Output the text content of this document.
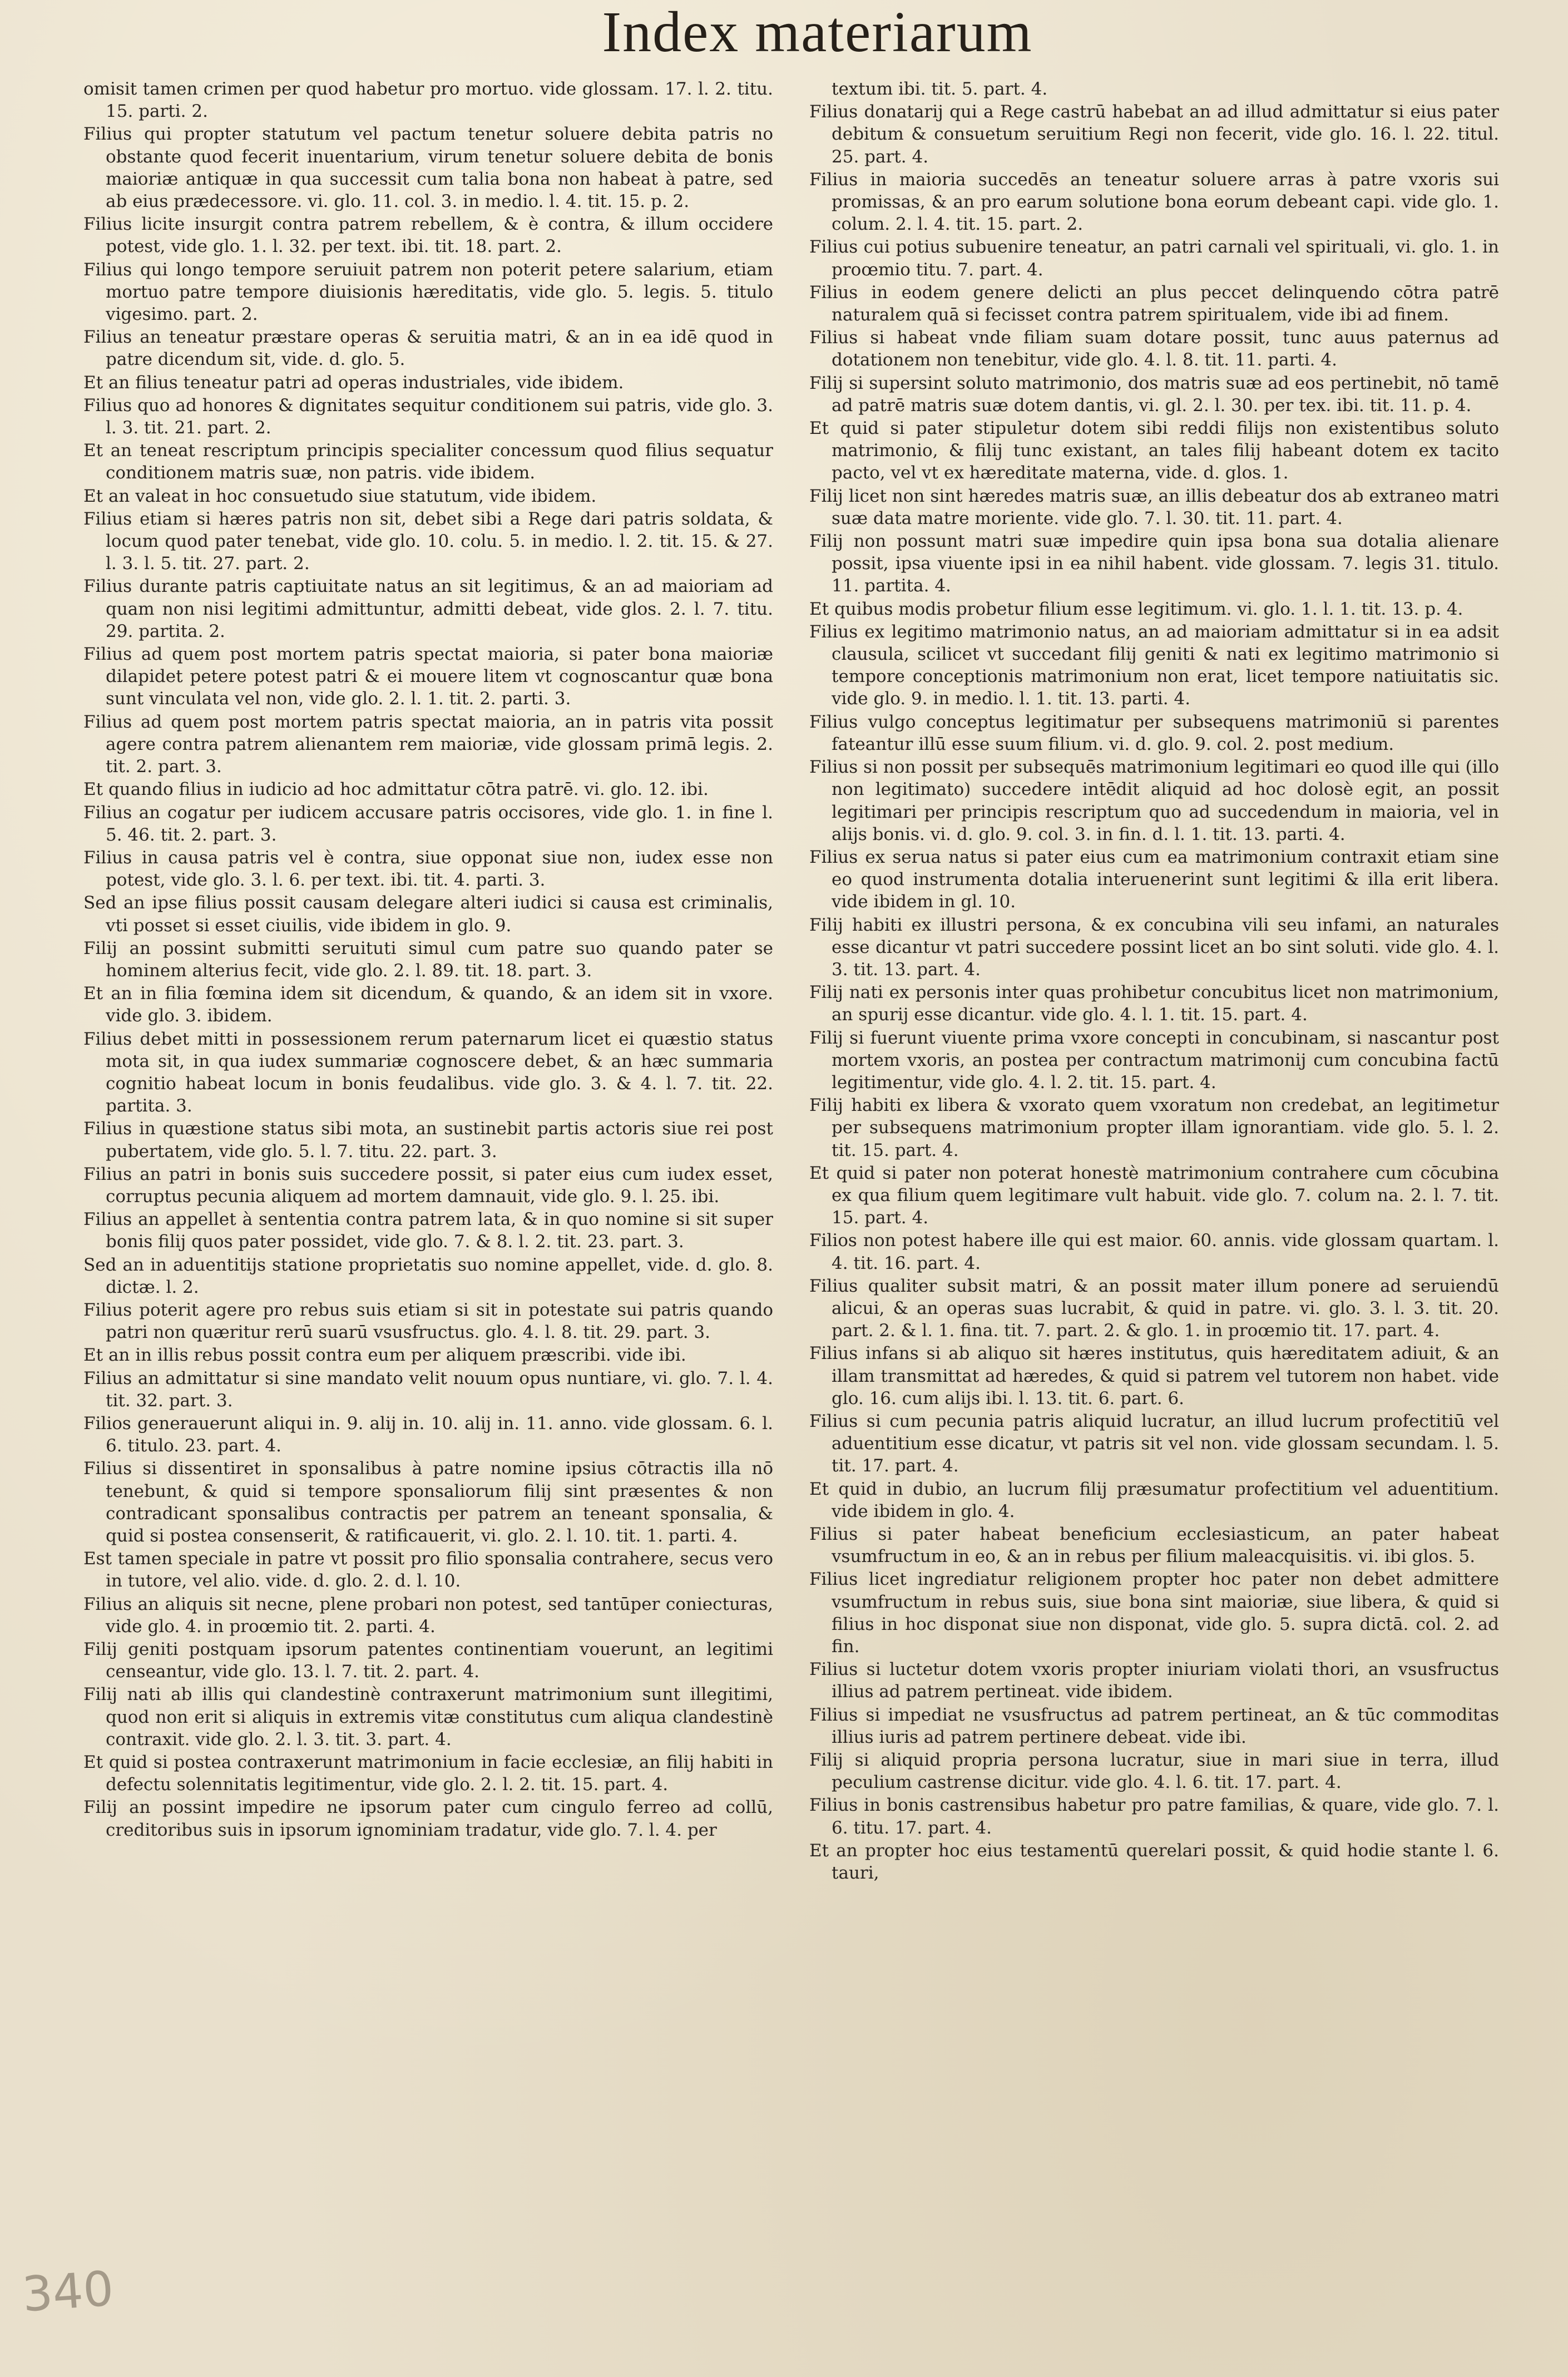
Index materiarum

omisit tamen crimen per quod habetur pro mortuo. vide glossam. 17. l. 2. titu. 15. parti. 2.

Filius qui propter statutum vel pactum tenetur soluere debita patris no obstante quod fecerit inuentarium, virum tenetur soluere debita de bonis maioriæ antiquæ in qua successit cum talia bona non habeat à patre, sed ab eius prædecessore. vi. glo. 11. col. 3. in medio. l. 4. tit. 15. p. 2.

Filius licite insurgit contra patrem rebellem, & è contra, & illum occidere potest, vide glo. 1. l. 32. per text. ibi. tit. 18. part. 2.

Filius qui longo tempore seruiuit patrem non poterit petere salarium, etiam mortuo patre tempore diuisionis hæreditatis, vide glo. 5. legis. 5. titulo vigesimo. part. 2.

Filius an teneatur præstare operas & seruitia matri, & an in ea idē quod in patre dicendum sit, vide. d. glo. 5.

Et an filius teneatur patri ad operas industriales, vide ibidem.

Filius quo ad honores & dignitates sequitur conditionem sui patris, vide glo. 3. l. 3. tit. 21. part. 2.

Et an teneat rescriptum principis specialiter concessum quod filius sequatur conditionem matris suæ, non patris. vide ibidem.

Et an valeat in hoc consuetudo siue statutum, vide ibidem.

Filius etiam si hæres patris non sit, debet sibi a Rege dari patris soldata, & locum quod pater tenebat, vide glo. 10. colu. 5. in medio. l. 2. tit. 15. & 27. l. 3. l. 5. tit. 27. part. 2.

Filius durante patris captiuitate natus an sit legitimus, & an ad maioriam ad quam non nisi legitimi admittuntur, admitti debeat, vide glos. 2. l. 7. titu. 29. partita. 2.

Filius ad quem post mortem patris spectat maioria, si pater bona maioriæ dilapidet petere potest patri & ei mouere litem vt cognoscantur quæ bona sunt vinculata vel non, vide glo. 2. l. 1. tit. 2. parti. 3.

Filius ad quem post mortem patris spectat maioria, an in patris vita possit agere contra patrem alienantem rem maioriæ, vide glossam primā legis. 2. tit. 2. part. 3.

Et quando filius in iudicio ad hoc admittatur cōtra patrē. vi. glo. 12. ibi.

Filius an cogatur per iudicem accusare patris occisores, vide glo. 1. in fine l. 5. 46. tit. 2. part. 3.

Filius in causa patris vel è contra, siue opponat siue non, iudex esse non potest, vide glo. 3. l. 6. per text. ibi. tit. 4. parti. 3.

Sed an ipse filius possit causam delegare alteri iudici si causa est criminalis, vti posset si esset ciuilis, vide ibidem in glo. 9.

Filij an possint submitti seruituti simul cum patre suo quando pater se hominem alterius fecit, vide glo. 2. l. 89. tit. 18. part. 3.

Et an in filia fœmina idem sit dicendum, & quando, & an idem sit in vxore. vide glo. 3. ibidem.

Filius debet mitti in possessionem rerum paternarum licet ei quæstio status mota sit, in qua iudex summariæ cognoscere debet, & an hæc summaria cognitio habeat locum in bonis feudalibus. vide glo. 3. & 4. l. 7. tit. 22. partita. 3.

Filius in quæstione status sibi mota, an sustinebit partis actoris siue rei post pubertatem, vide glo. 5. l. 7. titu. 22. part. 3.

Filius an patri in bonis suis succedere possit, si pater eius cum iudex esset, corruptus pecunia aliquem ad mortem damnauit, vide glo. 9. l. 25. ibi.

Filius an appellet à sententia contra patrem lata, & in quo nomine si sit super bonis filij quos pater possidet, vide glo. 7. & 8. l. 2. tit. 23. part. 3.

Sed an in aduentitijs statione proprietatis suo nomine appellet, vide. d. glo. 8. dictæ. l. 2.

Filius poterit agere pro rebus suis etiam si sit in potestate sui patris quando patri non quæritur rerū suarū vsusfructus. glo. 4. l. 8. tit. 29. part. 3.

Et an in illis rebus possit contra eum per aliquem præscribi. vide ibi.

Filius an admittatur si sine mandato velit nouum opus nuntiare, vi. glo. 7. l. 4. tit. 32. part. 3.

Filios generauerunt aliqui in. 9. alij in. 10. alij in. 11. anno. vide glossam. 6. l. 6. titulo. 23. part. 4.

Filius si dissentiret in sponsalibus à patre nomine ipsius cōtractis illa nō tenebunt, & quid si tempore sponsaliorum filij sint præsentes & non contradicant sponsalibus contractis per patrem an teneant sponsalia, & quid si postea consenserit, & ratificauerit, vi. glo. 2. l. 10. tit. 1. parti. 4.

Est tamen speciale in patre vt possit pro filio sponsalia contrahere, secus vero in tutore, vel alio. vide. d. glo. 2. d. l. 10.

Filius an aliquis sit necne, plene probari non potest, sed tantūper coniecturas, vide glo. 4. in proœmio tit. 2. parti. 4.

Filij geniti postquam ipsorum patentes continentiam vouerunt, an legitimi censeantur, vide glo. 13. l. 7. tit. 2. part. 4.

Filij nati ab illis qui clandestinè contraxerunt matrimonium sunt illegitimi, quod non erit si aliquis in extremis vitæ constitutus cum aliqua clandestinè contraxit. vide glo. 2. l. 3. tit. 3. part. 4.

Et quid si postea contraxerunt matrimonium in facie ecclesiæ, an filij habiti in defectu solennitatis legitimentur, vide glo. 2. l. 2. tit. 15. part. 4.

Filij an possint impedire ne ipsorum pater cum cingulo ferreo ad collū, creditoribus suis in ipsorum ignominiam tradatur, vide glo. 7. l. 4. per

textum ibi. tit. 5. part. 4.

Filius donatarij qui a Rege castrū habebat an ad illud admittatur si eius pater debitum & consuetum seruitium Regi non fecerit, vide glo. 16. l. 22. titul. 25. part. 4.

Filius in maioria succedēs an teneatur soluere arras à patre vxoris sui promissas, & an pro earum solutione bona eorum debeant capi. vide glo. 1. colum. 2. l. 4. tit. 15. part. 2.

Filius cui potius subuenire teneatur, an patri carnali vel spirituali, vi. glo. 1. in proœmio titu. 7. part. 4.

Filius in eodem genere delicti an plus peccet delinquendo cōtra patrē naturalem quā si fecisset contra patrem spiritualem, vide ibi ad finem.

Filius si habeat vnde filiam suam dotare possit, tunc auus paternus ad dotationem non tenebitur, vide glo. 4. l. 8. tit. 11. parti. 4.

Filij si supersint soluto matrimonio, dos matris suæ ad eos pertinebit, nō tamē ad patrē matris suæ dotem dantis, vi. gl. 2. l. 30. per tex. ibi. tit. 11. p. 4.

Et quid si pater stipuletur dotem sibi reddi filijs non existentibus soluto matrimonio, & filij tunc existant, an tales filij habeant dotem ex tacito pacto, vel vt ex hæreditate materna, vide. d. glos. 1.

Filij licet non sint hæredes matris suæ, an illis debeatur dos ab extraneo matri suæ data matre moriente. vide glo. 7. l. 30. tit. 11. part. 4.

Filij non possunt matri suæ impedire quin ipsa bona sua dotalia alienare possit, ipsa viuente ipsi in ea nihil habent. vide glossam. 7. legis 31. titulo. 11. partita. 4.

Et quibus modis probetur filium esse legitimum. vi. glo. 1. l. 1. tit. 13. p. 4.

Filius ex legitimo matrimonio natus, an ad maioriam admittatur si in ea adsit clausula, scilicet vt succedant filij geniti & nati ex legitimo matrimonio si tempore conceptionis matrimonium non erat, licet tempore natiuitatis sic. vide glo. 9. in medio. l. 1. tit. 13. parti. 4.

Filius vulgo conceptus legitimatur per subsequens matrimoniū si parentes fateantur illū esse suum filium. vi. d. glo. 9. col. 2. post medium.

Filius si non possit per subsequēs matrimonium legitimari eo quod ille qui (illo non legitimato) succedere intēdit aliquid ad hoc dolosè egit, an possit legitimari per principis rescriptum quo ad succedendum in maioria, vel in alijs bonis. vi. d. glo. 9. col. 3. in fin. d. l. 1. tit. 13. parti. 4.

Filius ex serua natus si pater eius cum ea matrimonium contraxit etiam sine eo quod instrumenta dotalia interuenerint sunt legitimi & illa erit libera. vide ibidem in gl. 10.

Filij habiti ex illustri persona, & ex concubina vili seu infami, an naturales esse dicantur vt patri succedere possint licet an bo sint soluti. vide glo. 4. l. 3. tit. 13. part. 4.

Filij nati ex personis inter quas prohibetur concubitus licet non matrimonium, an spurij esse dicantur. vide glo. 4. l. 1. tit. 15. part. 4.

Filij si fuerunt viuente prima vxore concepti in concubinam, si nascantur post mortem vxoris, an postea per contractum matrimonij cum concubina factū legitimentur, vide glo. 4. l. 2. tit. 15. part. 4.

Filij habiti ex libera & vxorato quem vxoratum non credebat, an legitimetur per subsequens matrimonium propter illam ignorantiam. vide glo. 5. l. 2. tit. 15. part. 4.

Et quid si pater non poterat honestè matrimonium contrahere cum cōcubina ex qua filium quem legitimare vult habuit. vide glo. 7. colum na. 2. l. 7. tit. 15. part. 4.

Filios non potest habere ille qui est maior. 60. annis. vide glossam quartam. l. 4. tit. 16. part. 4.

Filius qualiter subsit matri, & an possit mater illum ponere ad seruiendū alicui, & an operas suas lucrabit, & quid in patre. vi. glo. 3. l. 3. tit. 20. part. 2. & l. 1. fina. tit. 7. part. 2. & glo. 1. in proœmio tit. 17. part. 4.

Filius infans si ab aliquo sit hæres institutus, quis hæreditatem adiuit, & an illam transmittat ad hæredes, & quid si patrem vel tutorem non habet. vide glo. 16. cum alijs ibi. l. 13. tit. 6. part. 6.

Filius si cum pecunia patris aliquid lucratur, an illud lucrum profectitiū vel aduentitium esse dicatur, vt patris sit vel non. vide glossam secundam. l. 5. tit. 17. part. 4.

Et quid in dubio, an lucrum filij præsumatur profectitium vel aduentitium. vide ibidem in glo. 4.

Filius si pater habeat beneficium ecclesiasticum, an pater habeat vsumfructum in eo, & an in rebus per filium maleacquisitis. vi. ibi glos. 5.

Filius licet ingrediatur religionem propter hoc pater non debet admittere vsumfructum in rebus suis, siue bona sint maioriæ, siue libera, & quid si filius in hoc disponat siue non disponat, vide glo. 5. supra dictā. col. 2. ad fin.

Filius si luctetur dotem vxoris propter iniuriam violati thori, an vsusfructus illius ad patrem pertineat. vide ibidem.

Filius si impediat ne vsusfructus ad patrem pertineat, an & tūc commoditas illius iuris ad patrem pertinere debeat. vide ibi.

Filij si aliquid propria persona lucratur, siue in mari siue in terra, illud peculium castrense dicitur. vide glo. 4. l. 6. tit. 17. part. 4.

Filius in bonis castrensibus habetur pro patre familias, & quare, vide glo. 7. l. 6. titu. 17. part. 4.

Et an propter hoc eius testamentū querelari possit, & quid hodie stante l. 6. tauri,

340
